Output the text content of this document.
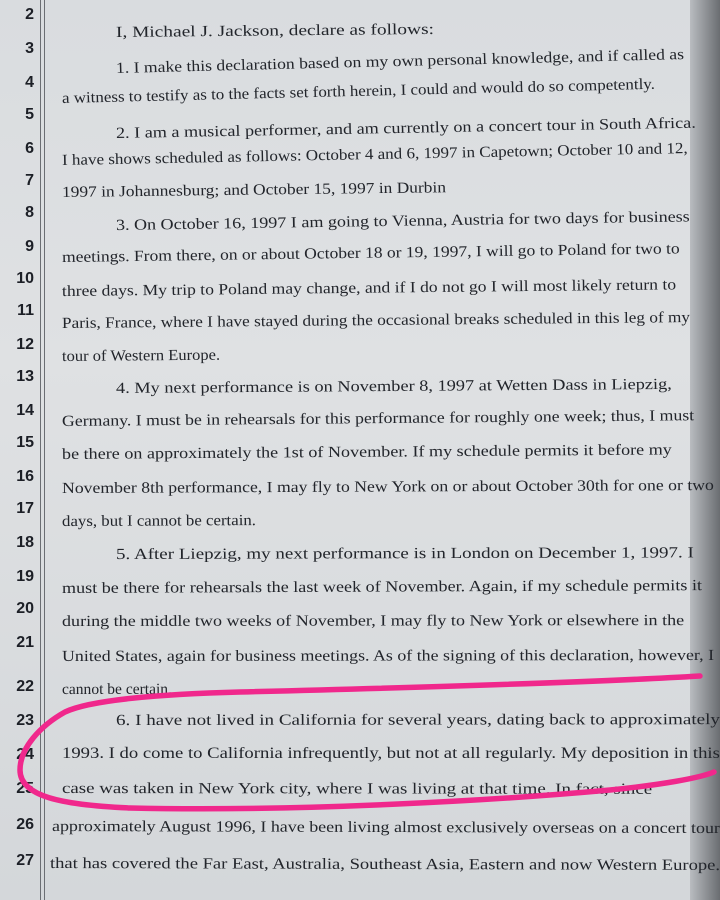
2
3
4
5
6
7
8
9
10
11
12
13
14
15
16
17
18
19
20
21
22
23
24
25
26
27
I, Michael J. Jackson, declare as follows:
1. I make this declaration based on my own personal knowledge, and if called as
a witness to testify as to the facts set forth herein, I could and would do so competently.
2. I am a musical performer, and am currently on a concert tour in South Africa.
I have shows scheduled as follows: October 4 and 6, 1997 in Capetown; October 10 and 12,
1997 in Johannesburg; and October 15, 1997 in Durbin
3. On October 16, 1997 I am going to Vienna, Austria for two days for business
meetings. From there, on or about October 18 or 19, 1997, I will go to Poland for two to
three days. My trip to Poland may change, and if I do not go I will most likely return to
Paris, France, where I have stayed during the occasional breaks scheduled in this leg of my
tour of Western Europe.
4. My next performance is on November 8, 1997 at Wetten Dass in Liepzig,
Germany. I must be in rehearsals for this performance for roughly one week; thus, I must
be there on approximately the 1st of November. If my schedule permits it before my
November 8th performance, I may fly to New York on or about October 30th for one or two
days, but I cannot be certain.
5. After Liepzig, my next performance is in London on December 1, 1997. I
must be there for rehearsals the last week of November. Again, if my schedule permits it
during the middle two weeks of November, I may fly to New York or elsewhere in the
United States, again for business meetings. As of the signing of this declaration, however, I
cannot be certain.
6. I have not lived in California for several years, dating back to approximately
1993. I do come to California infrequently, but not at all regularly. My deposition in this
case was taken in New York city, where I was living at that time. In fact, since
approximately August 1996, I have been living almost exclusively overseas on a concert tour
that has covered the Far East, Australia, Southeast Asia, Eastern and now Western Europe.
